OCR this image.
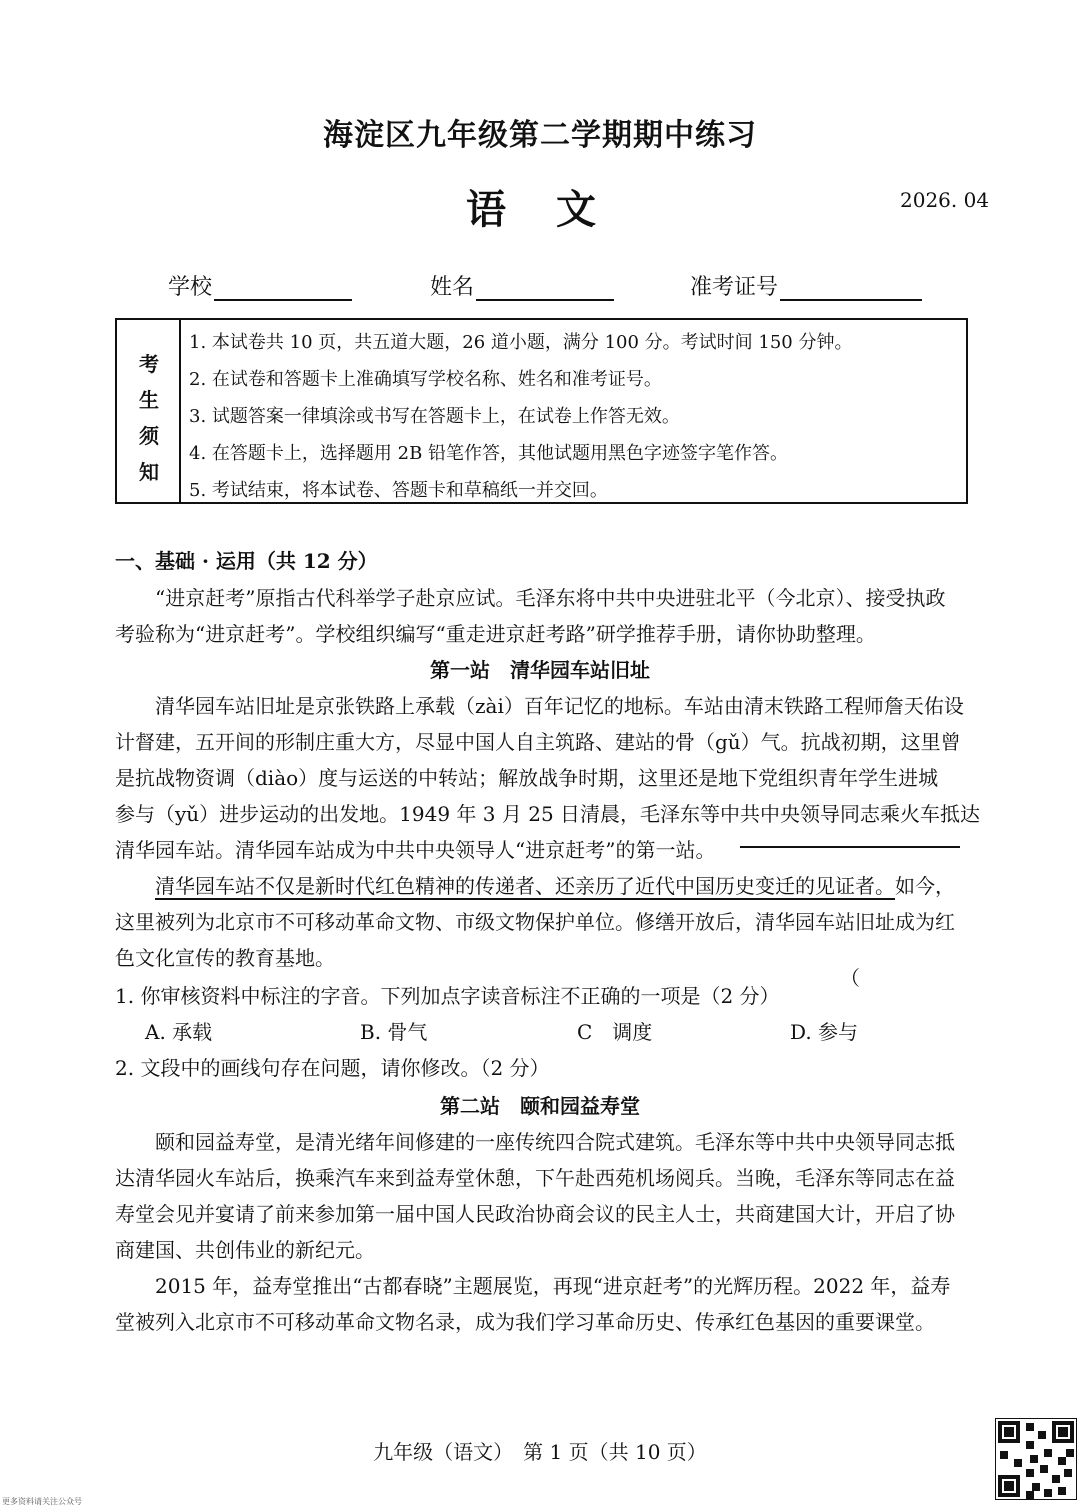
海淀区九年级第二学期期中练习
语 文	2026. 04
学校	姓名	准考证号
考
生
须
知
1. 本试卷共 10 页，共五道大题，26 道小题，满分 100 分。考试时间 150 分钟。
2. 在试卷和答题卡上准确填写学校名称、姓名和准考证号。
3. 试题答案一律填涂或书写在答题卡上，在试卷上作答无效。
4. 在答题卡上，选择题用 2B 铅笔作答，其他试题用黑色字迹签字笔作答。
5. 考试结束，将本试卷、答题卡和草稿纸一并交回。
一、基础 · 运用（共 12 分）
“进京赶考”原指古代科举学子赴京应试。毛泽东将中共中央进驻北平（今北京）、接受执政
考验称为“进京赶考”。学校组织编写“重走进京赶考路”研学推荐手册，请你协助整理。
第一站　清华园车站旧址
清华园车站旧址是京张铁路上承载（zài）百年记忆的地标。车站由清末铁路工程师詹天佑设
计督建，五开间的形制庄重大方，尽显中国人自主筑路、建站的骨（gǔ）气。抗战初期，这里曾
是抗战物资调（diào）度与运送的中转站；解放战争时期，这里还是地下党组织青年学生进城
参与（yǔ）进步运动的出发地。1949 年 3 月 25 日清晨，毛泽东等中共中央领导同志乘火车抵达
清华园车站。清华园车站成为中共中央领导人“进京赶考”的第一站。
清华园车站不仅是新时代红色精神的传递者、还亲历了近代中国历史变迁的见证者。如今，
这里被列为北京市不可移动革命文物、市级文物保护单位。修缮开放后，清华园车站旧址成为红
色文化宣传的教育基地。
1. 你审核资料中标注的字音。下列加点字读音标注不正确的一项是（2 分）
（
A. 承载	B. 骨气	C　调度	D. 参与
2. 文段中的画线句存在问题，请你修改。（2 分）
第二站　颐和园益寿堂
颐和园益寿堂，是清光绪年间修建的一座传统四合院式建筑。毛泽东等中共中央领导同志抵
达清华园火车站后，换乘汽车来到益寿堂休憩，下午赴西苑机场阅兵。当晚，毛泽东等同志在益
寿堂会见并宴请了前来参加第一届中国人民政治协商会议的民主人士，共商建国大计，开启了协
商建国、共创伟业的新纪元。
2015 年，益寿堂推出“古都春晓”主题展览，再现“进京赶考”的光辉历程。2022 年，益寿
堂被列入北京市不可移动革命文物名录，成为我们学习革命历史、传承红色基因的重要课堂。
九年级（语文）　第 1 页（共 10 页）
更多资料请关注公众号
